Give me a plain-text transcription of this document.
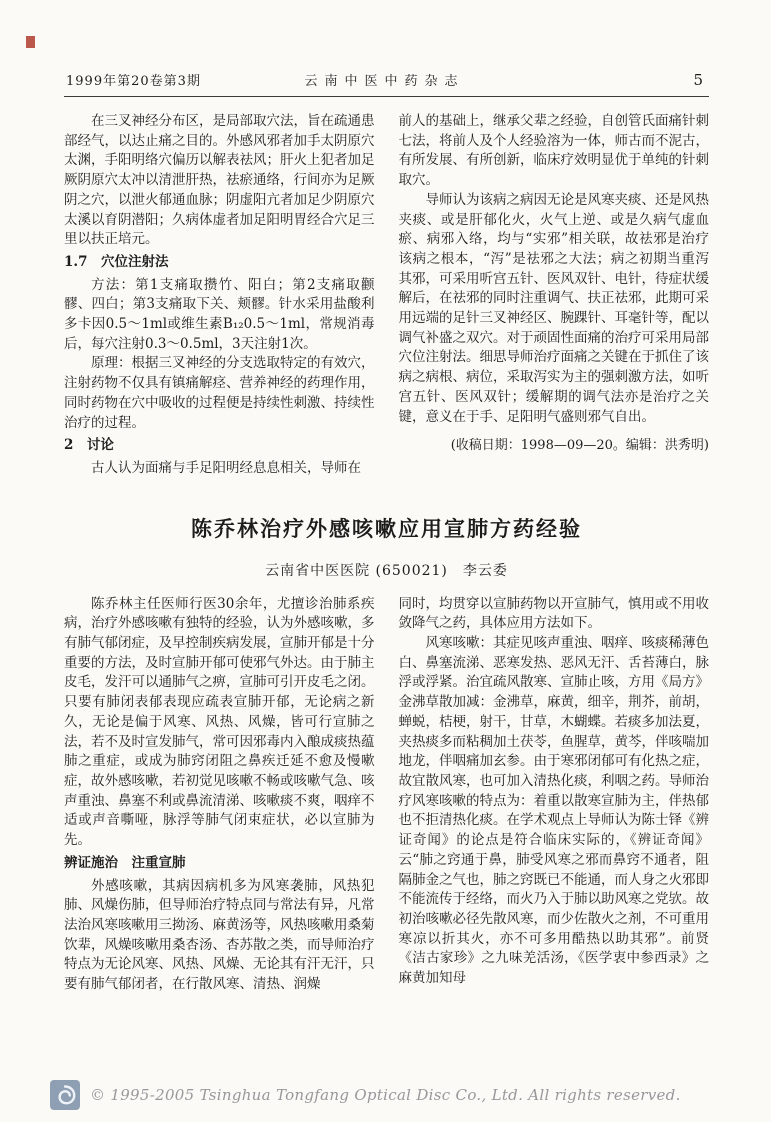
1999年第20卷第3期	云南中医中药杂志	5

在三叉神经分布区，是局部取穴法，旨在疏通患部经气，以达止痛之目的。外感风邪者加手太阴原穴太渊，手阳明络穴偏历以解表祛风；肝火上犯者加足厥阴原穴太冲以清泄肝热，祛瘀通络，行间亦为足厥阴之穴，以泄火郁通血脉；阴虚阳亢者加足少阴原穴太溪以育阴潜阳；久病体虚者加足阳明胃经合穴足三里以扶正培元。

1.7　穴位注射法

方法：第1支痛取攒竹、阳白；第2支痛取颧髎、四白；第3支痛取下关、颊髎。针水采用盐酸利多卡因0.5～1ml或维生素B₁₂0.5～1ml，常规消毒后，每穴注射0.3～0.5ml，3天注射1次。

原理：根据三叉神经的分支选取特定的有效穴，注射药物不仅具有镇痛解痉、营养神经的药理作用，同时药物在穴中吸收的过程便是持续性刺激、持续性治疗的过程。

2　讨论

古人认为面痛与手足阳明经息息相关，导师在

前人的基础上，继承父辈之经验，自创管氏面痛针刺七法，将前人及个人经验溶为一体，师古而不泥古，有所发展、有所创新，临床疗效明显优于单纯的针刺取穴。

导师认为该病之病因无论是风寒夹痰、还是风热夹痰、或是肝郁化火，火气上逆、或是久病气虚血瘀、病邪入络，均与“实邪”相关联，故祛邪是治疗该病之根本，“泻”是祛邪之大法；病之初期当重泻其邪，可采用听宫五针、医风双针、电针，待症状缓解后，在祛邪的同时注重调气、扶正祛邪，此期可采用远端的足针三叉神经区、腕踝针、耳毫针等，配以调气补盛之双穴。对于顽固性面痛的治疗可采用局部穴位注射法。细思导师治疗面痛之关键在于抓住了该病之病根、病位，采取泻实为主的强刺激方法，如听宫五针、医风双针；缓解期的调气法亦是治疗之关键，意义在于手、足阳明气盛则邪气自出。

(收稿日期：1998—09—20。编辑：洪秀明)

陈乔林治疗外感咳嗽应用宣肺方药经验

云南省中医医院 (650021)　李云委

陈乔林主任医师行医30余年，尤擅诊治肺系疾病，治疗外感咳嗽有独特的经验，认为外感咳嗽，多有肺气郁闭症，及早控制疾病发展，宣肺开郁是十分重要的方法，及时宣肺开郁可使邪气外达。由于肺主皮毛，发汗可以通肺气之痹，宣肺可引开皮毛之闭。只要有肺闭表郁表现应疏表宣肺开郁，无论病之新久，无论是偏于风寒、风热、风燥，皆可行宣肺之法，若不及时宣发肺气，常可因邪毒内入酿成痰热蕴肺之重症，或成为肺窍闭阻之鼻疾迁延不愈及慢嗽症，故外感咳嗽，若初觉见咳嗽不畅或咳嗽气急、咳声重浊、鼻塞不利或鼻流清涕、咳嗽痰不爽，咽痒不适或声音嘶哑，脉浮等肺气闭束症状，必以宣肺为先。

辨证施治　注重宣肺

外感咳嗽，其病因病机多为风寒袭肺，风热犯肺、风燥伤肺，但导师治疗特点同与常法有异，凡常法治风寒咳嗽用三拗汤、麻黄汤等，风热咳嗽用桑菊饮辈，风燥咳嗽用桑杏汤、杏苏散之类，而导师治疗特点为无论风寒、风热、风燥、无论其有汗无汗，只要有肺气郁闭者，在行散风寒、清热、润燥

同时，均贯穿以宣肺药物以开宣肺气，慎用或不用收敛降气之药，具体应用方法如下。

风寒咳嗽：其症见咳声重浊、咽痒、咳痰稀薄色白、鼻塞流涕、恶寒发热、恶风无汗、舌苔薄白，脉浮或浮紧。治宜疏风散寒、宣肺止咳，方用《局方》金沸草散加减：金沸草，麻黄，细辛，荆芥，前胡，蝉蜕，桔梗，射干，甘草，木蝴蝶。若痰多加法夏，夹热痰多而粘稠加土茯苓，鱼腥草，黄芩，伴咳喘加地龙，伴咽痛加玄参。由于寒邪闭郁可有化热之症，故宜散风寒，也可加入清热化痰，利咽之药。导师治疗风寒咳嗽的特点为：着重以散寒宣肺为主，伴热郁也不拒清热化痰。在学术观点上导师认为陈士铎《辨证奇闻》的论点是符合临床实际的，《辨证奇闻》云“肺之窍通于鼻，肺受风寒之邪而鼻窍不通者，阻隔肺金之气也，肺之窍既已不能通，而人身之火邪即不能流传于经络，而火乃入于肺以助风寒之党欤。故初治咳嗽必径先散风寒，而少佐散火之剂，不可重用寒凉以折其火，亦不可多用酷热以助其邪”。前贤《洁古家珍》之九味羌活汤，《医学衷中参西录》之麻黄加知母

© 1995-2005 Tsinghua Tongfang Optical Disc Co., Ltd. All rights reserved.
